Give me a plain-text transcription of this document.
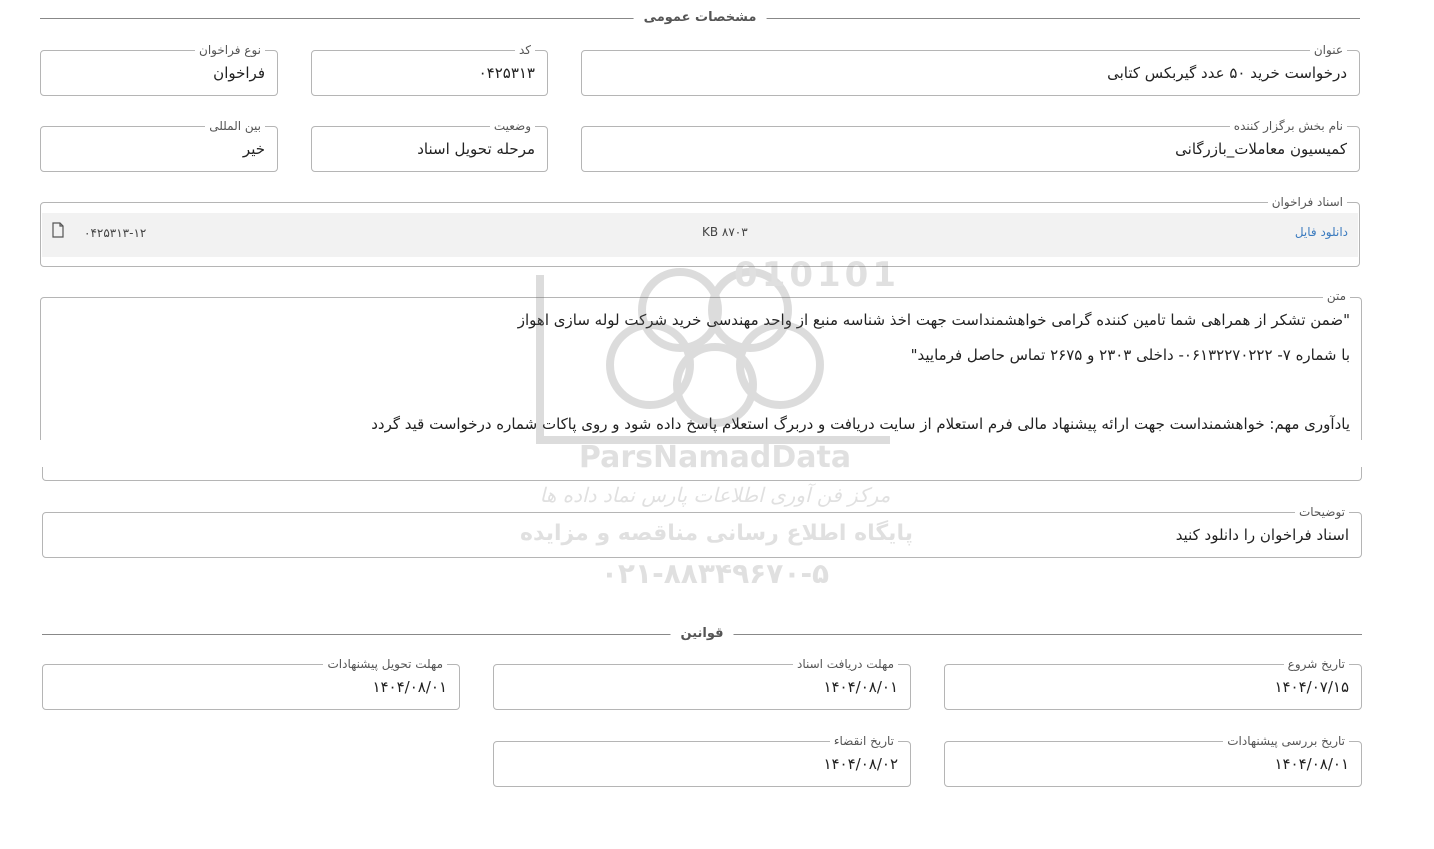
مشخصات عمومی
نوع فراخوان
فراخوان
کد
۰۴۲۵۳۱۳
عنوان
درخواست خرید ۵۰ عدد گیربکس کتابی
بین المللی
خیر
وضعیت
مرحله تحویل اسناد
نام بخش برگزار کننده
کمیسیون معاملات_بازرگانی
اسناد فراخوان
دانلود فایل
KB ۸۷۰۳
۰۴۲۵۳۱۳-۱۲
متن
"ضمن تشکر از همراهی شما تامین کننده گرامی خواهشمنداست جهت اخذ شناسه منبع از واحد مهندسی خرید شرکت لوله سازی اهواز
با شماره ۷- ۰۶۱۳۲۲۷۰۲۲۲- داخلی ۲۳۰۳ و ۲۶۷۵ تماس حاصل فرمایید"
یادآوری مهم: خواهشمنداست جهت ارائه پیشنهاد مالی فرم استعلام از سایت دریافت و دربرگ استعلام پاسخ داده شود و روی پاکات شماره درخواست قید گردد
توضیحات
اسناد فراخوان را دانلود کنید
قوانین
مهلت تحویل پیشنهادات
۱۴۰۴/۰۸/۰۱
مهلت دریافت اسناد
۱۴۰۴/۰۸/۰۱
تاریخ شروع
۱۴۰۴/۰۷/۱۵
تاریخ انقضاء
۱۴۰۴/۰۸/۰۲
تاریخ بررسی پیشنهادات
۱۴۰۴/۰۸/۰۱
010101
ParsNamadData
مرکز فن آوری اطلاعات پارس نماد داده ها
پایگاه اطلاع رسانی مناقصه و مزایده
۰۲۱-۸۸۳۴۹۶۷۰-۵
